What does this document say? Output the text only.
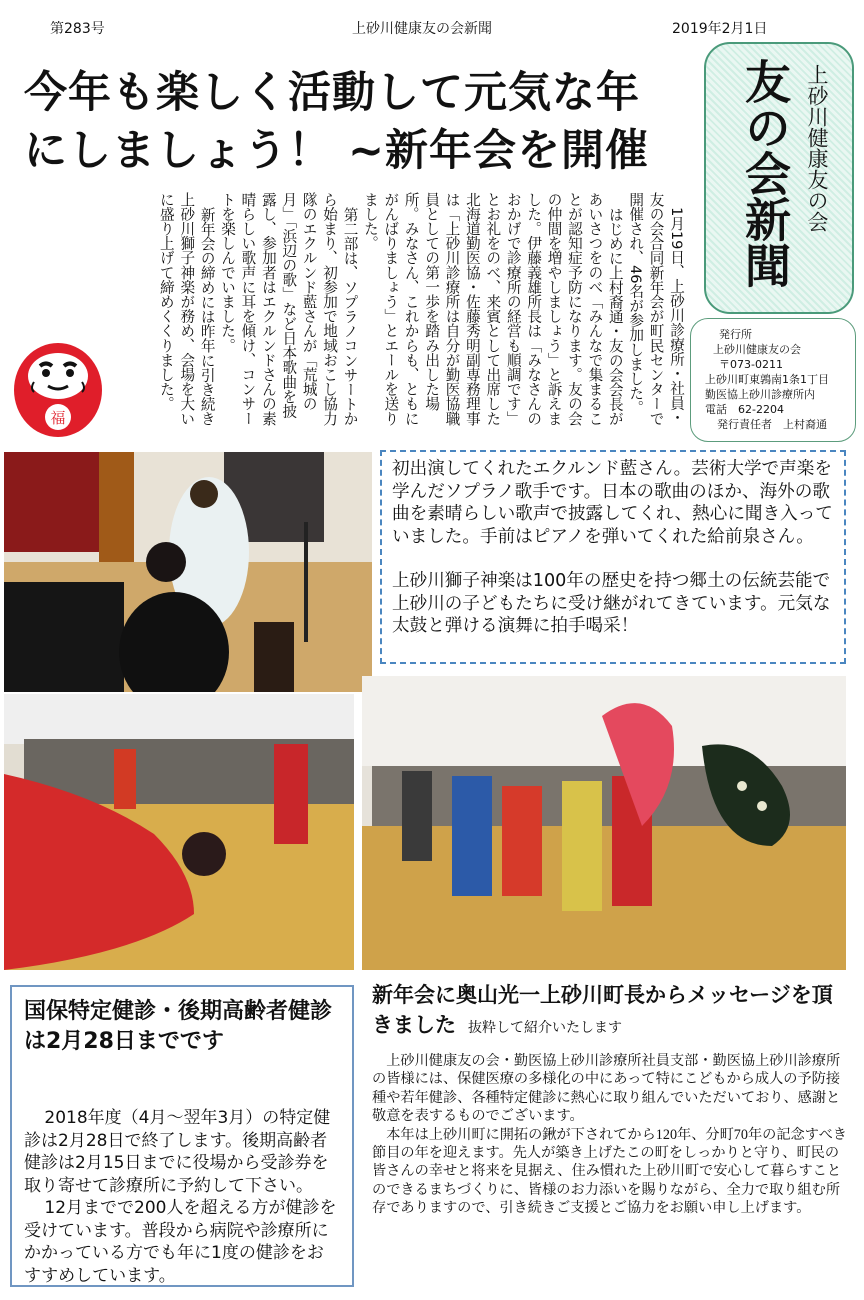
第283号	上砂川健康友の会新聞	2019年2月1日
今年も楽しく活動して元気な年
にしましょう！ ~新年会を開催	友の会新聞 上砂川健康友の会
発行所
上砂川健康友の会
〒073-0211
上砂川町東鶉南1条1丁目
勤医協上砂川診療所内
電話　62-2204
発行責任者　上村裔通

1月19日、上砂川診療所・社員・友の会合同新年会が町民センターで開催され、46名が参加しました。

はじめに上村裔通・友の会会長があいさつをのべ「みんなで集まることが認知症予防になります。友の会の仲間を増やしましょう」と訴えました。伊藤義雄所長は「みなさんのおかげで診療所の経営も順調です」とお礼をのべ、来賓として出席した北海道勤医協・佐藤秀明副専務理事は「上砂川診療所は自分が勤医協職員としての第一歩を踏み出した場所。みなさん、これからも、ともにがんばりましょう」とエールを送りました。

第二部は、ソプラノコンサートから始まり、初参加で地域おこし協力隊のエクルンド藍さんが「荒城の月」「浜辺の歌」など日本歌曲を披露し、参加者はエクルンドさんの素晴らしい歌声に耳を傾け、コンサートを楽しんでいました。

新年会の締めには昨年に引き続き上砂川獅子神楽が務め、会場を大いに盛り上げて締めくくりました。

福

初出演してくれたエクルンド藍さん。芸術大学で声楽を学んだソプラノ歌手です。日本の歌曲のほか、海外の歌曲を素晴らしい歌声で披露してくれ、熱心に聞き入っていました。手前はピアノを弾いてくれた給前泉さん。

上砂川獅子神楽は100年の歴史を持つ郷土の伝統芸能で上砂川の子どもたちに受け継がれてきています。元気な太鼓と弾ける演舞に拍手喝采！

国保特定健診・後期高齢者健診は2月28日までです

2018年度（4月～翌年3月）の特定健診は2月28日で終了します。後期高齢者健診は2月15日までに役場から受診券を取り寄せて診療所に予約して下さい。

12月までで200人を超える方が健診を受けています。普段から病院や診療所にかかっている方でも年に1度の健診をおすすめしています。

新年会に奥山光一上砂川町長からメッセージを頂きました 抜粋して紹介いたします

上砂川健康友の会・勤医協上砂川診療所社員支部・勤医協上砂川診療所の皆様には、保健医療の多様化の中にあって特にこどもから成人の予防接種や若年健診、各種特定健診に熱心に取り組んでいただいており、感謝と敬意を表するものでございます。

本年は上砂川町に開拓の鍬が下されてから120年、分町70年の記念すべき節目の年を迎えます。先人が築き上げたこの町をしっかりと守り、町民の皆さんの幸せと将来を見据え、住み慣れた上砂川町で安心して暮らすことのできるまちづくりに、皆様のお力添いを賜りながら、全力で取り組む所存でありますので、引き続きご支援とご協力をお願い申し上げます。
